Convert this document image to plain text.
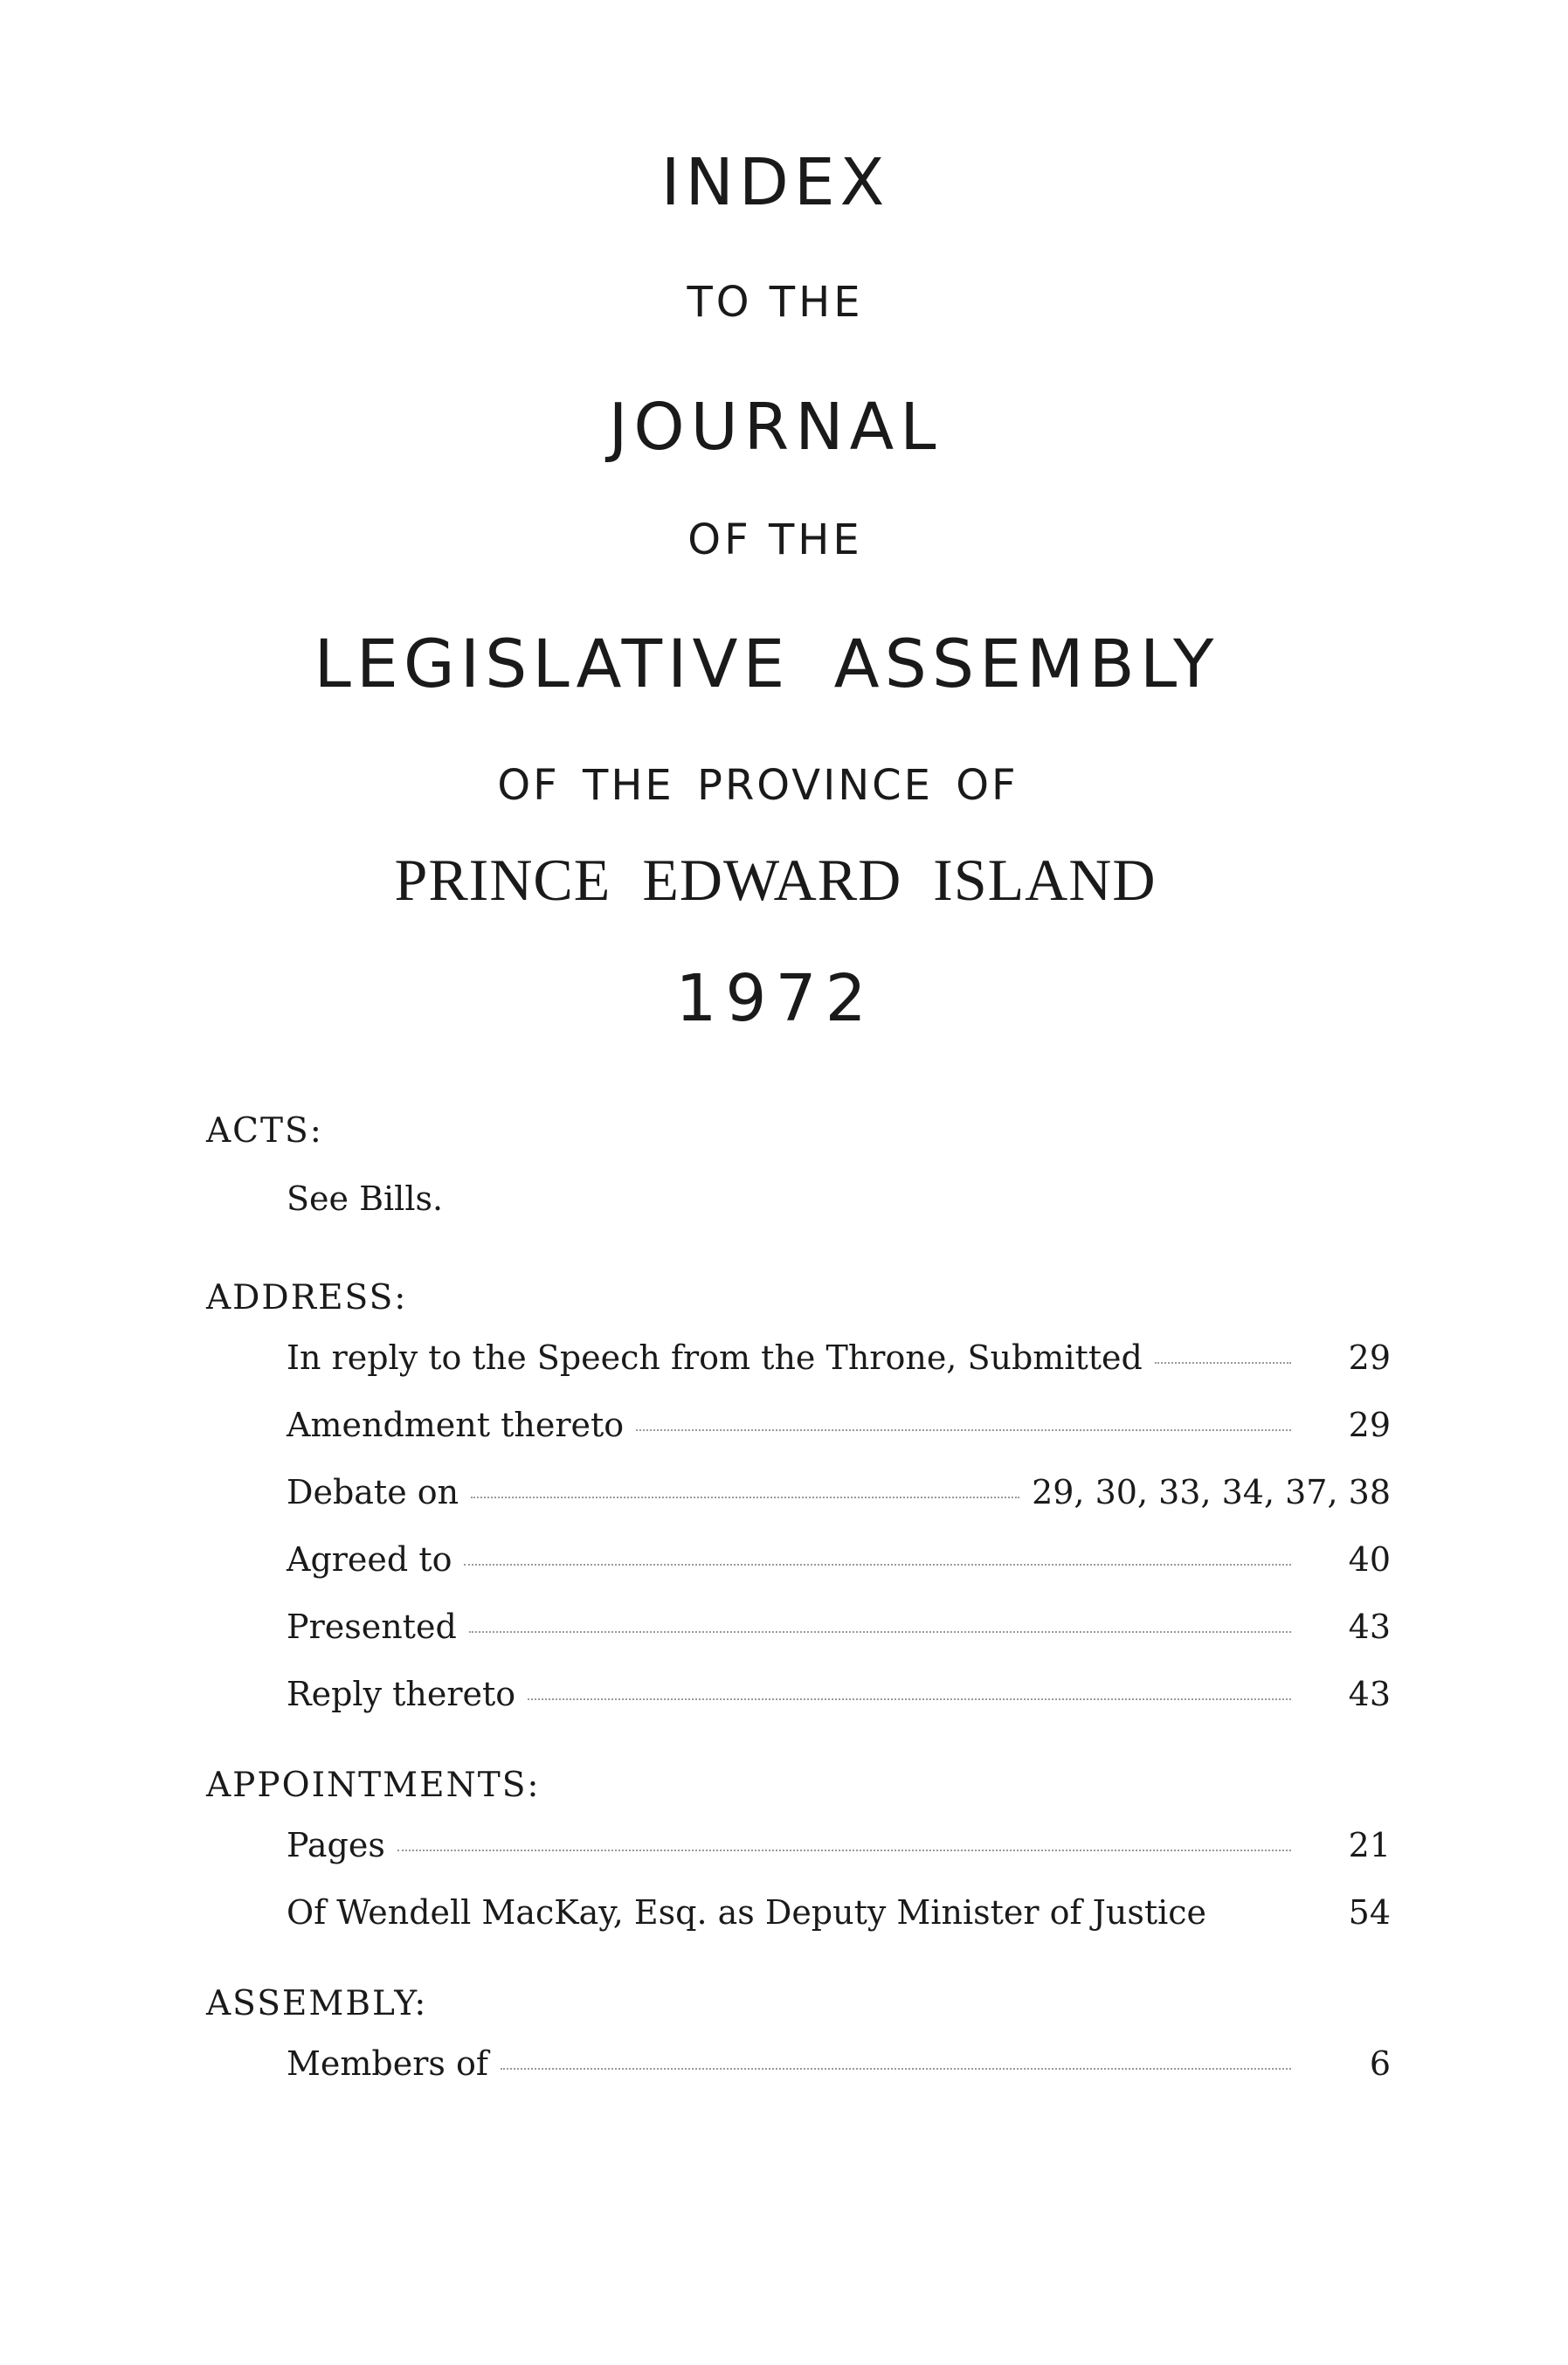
INDEX
TO THE
JOURNAL
OF THE
LEGISLATIVE ASSEMBLY
OF THE PROVINCE OF
PRINCE EDWARD ISLAND
1972
ACTS:
See Bills.
ADDRESS:
In reply to the Speech from the Throne, Submitted	29
Amendment thereto	29
Debate on	29, 30, 33, 34, 37, 38
Agreed to	40
Presented	43
Reply thereto	43
APPOINTMENTS:
Pages	21
Of Wendell MacKay, Esq. as Deputy Minister of Justice	54
ASSEMBLY:
Members of	6
